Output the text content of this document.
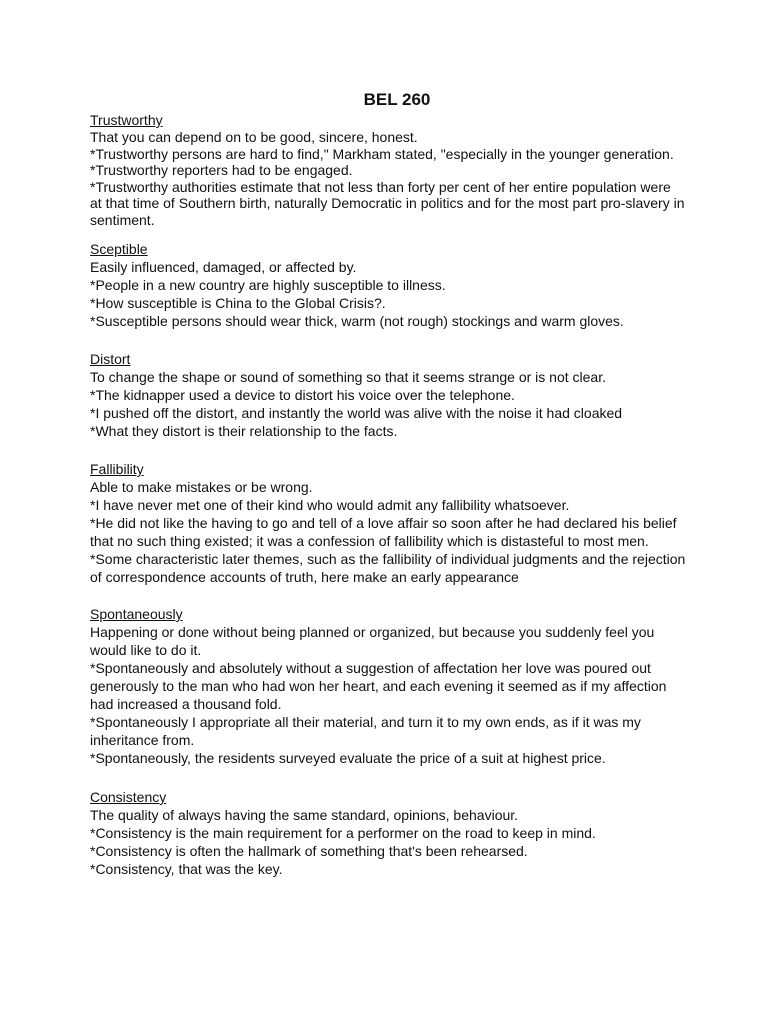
BEL 260

Trustworthy

That you can depend on to be good, sincere, honest.

*Trustworthy persons are hard to find," Markham stated, "especially in the younger generation.

*Trustworthy reporters had to be engaged.

*Trustworthy authorities estimate that not less than forty per cent of her entire population were

at that time of Southern birth, naturally Democratic in politics and for the most part pro-slavery in

sentiment.

Sceptible

Easily influenced, damaged, or affected by.

*People in a new country are highly susceptible to illness.

*How susceptible is China to the Global Crisis?.

*Susceptible persons should wear thick, warm (not rough) stockings and warm gloves.

Distort

To change the shape or sound of something so that it seems strange or is not clear.

*The kidnapper used a device to distort his voice over the telephone.

*I pushed off the distort, and instantly the world was alive with the noise it had cloaked

*What they distort is their relationship to the facts.

Fallibility

Able to make mistakes or be wrong.

*I have never met one of their kind who would admit any fallibility whatsoever.

*He did not like the having to go and tell of a love affair so soon after he had declared his belief

that no such thing existed; it was a confession of fallibility which is distasteful to most men.

*Some characteristic later themes, such as the fallibility of individual judgments and the rejection

of correspondence accounts of truth, here make an early appearance

Spontaneously

Happening or done without being planned or organized, but because you suddenly feel you

would like to do it.

*Spontaneously and absolutely without a suggestion of affectation her love was poured out

generously to the man who had won her heart, and each evening it seemed as if my affection

had increased a thousand fold.

*Spontaneously I appropriate all their material, and turn it to my own ends, as if it was my

inheritance from.

*Spontaneously, the residents surveyed evaluate the price of a suit at highest price.

Consistency

The quality of always having the same standard, opinions, behaviour.

*Consistency is the main requirement for a performer on the road to keep in mind.

*Consistency is often the hallmark of something that's been rehearsed.

*Consistency, that was the key.
